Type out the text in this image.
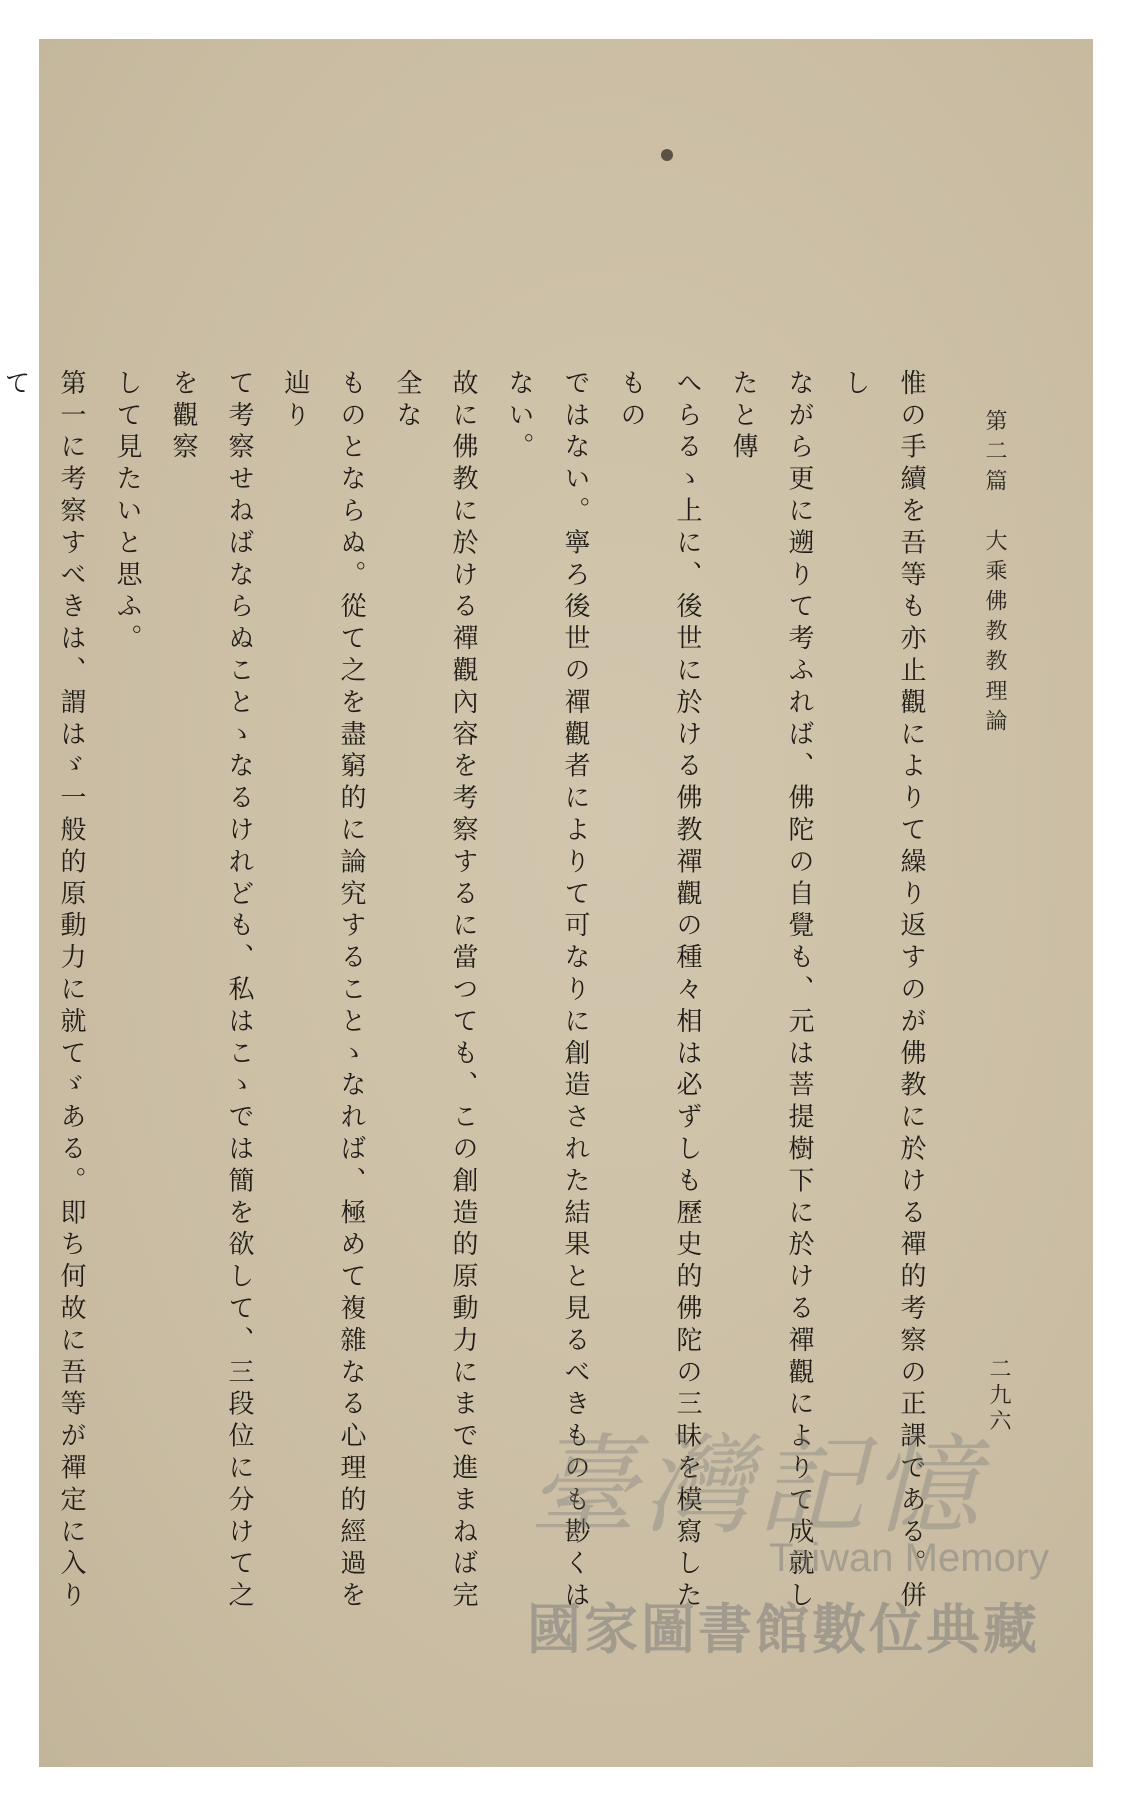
第二篇　大乘佛教教理論
二九六
惟の手續を吾等も亦止觀によりて繰り返すのが佛教に於ける禪的考察の正課である。併し
ながら更に遡りて考ふれば、佛陀の自覺も、元は菩提樹下に於ける禪觀によりて成就したと傳
へらるゝ上に、後世に於ける佛教禪觀の種々相は必ずしも歷史的佛陀の三昧を模寫したもの
ではない。寧ろ後世の禪觀者によりて可なりに創造された結果と見るべきものも尠くはない。
故に佛教に於ける禪觀內容を考察するに當つても、この創造的原動力にまで進まねば完全な
ものとならぬ。從て之を盡窮的に論究することゝなれば、極めて複雜なる心理的經過を辿り
て考察せねばならぬことゝなるけれども、私はこゝでは簡を欲して、三段位に分けて之を觀察
して見たいと思ふ。
第一に考察すべきは、謂はゞ一般的原動力に就てゞある。即ち何故に吾等が禪定に入りて
臺灣記憶
Taiwan Memory
國家圖書館數位典藏
